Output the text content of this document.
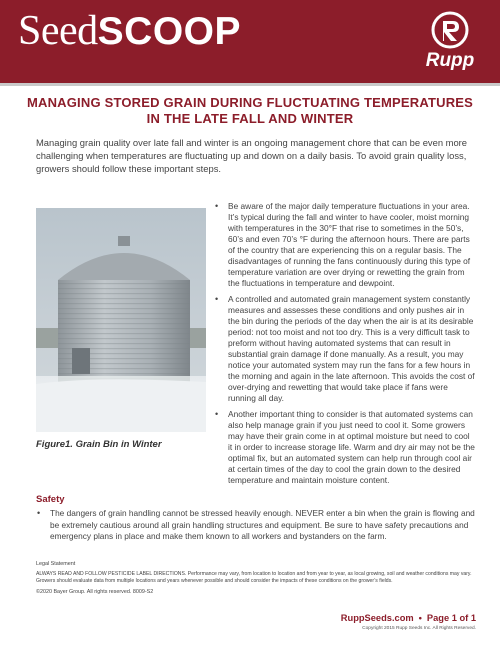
SeedSCOOP
Rupp
MANAGING STORED GRAIN DURING FLUCTUATING TEMPERATURES IN THE LATE FALL AND WINTER

Managing grain quality over late fall and winter is an ongoing management chore that can be even more challenging when temperatures are fluctuating up and down on a daily basis. To avoid grain quality loss, growers should follow these important steps.

Figure1. Grain Bin in Winter
• Be aware of the major daily temperature fluctuations in your area. It’s typical during the fall and winter to have cooler, moist morning with temperatures in the 30°F that rise to sometimes in the 50’s, 60’s and even 70’s °F during the afternoon hours. There are parts of the country that are experiencing this on a regular basis. The disadvantages of running the fans continuously during this type of temperature variation are over drying or rewetting the grain from the fluctuations in temperature and dewpoint.
• A controlled and automated grain management system constantly measures and assesses these conditions and only pushes air in the bin during the periods of the day when the air is at its desirable period: not too moist and not too dry. This is a very difficult task to preform without having automated systems that can result in substantial grain damage if done manually. As a result, you may notice your automated system may run the fans for a few hours in the morning and again in the late afternoon. This avoids the cost of over-drying and rewetting that would take place if fans were running all day.
• Another important thing to consider is that automated systems can also help manage grain if you just need to cool it. Some growers may have their grain come in at optimal moisture but need to cool it in order to increase storage life. Warm and dry air may not be the optimal fix, but an automated system can help run through cool air at certain times of the day to cool the grain down to the desired temperature and maintain moisture content.
Safety
• The dangers of grain handling cannot be stressed heavily enough. NEVER enter a bin when the grain is flowing and be extremely cautious around all grain handling structures and equipment. Be sure to have safety precautions and emergency plans in place and make them known to all workers and bystanders on the farm.
Legal Statement
ALWAYS READ AND FOLLOW PESTICIDE LABEL DIRECTIONS. Performance may vary, from location to location and from year to year, as local growing, soil and weather conditions may vary. Growers should evaluate data from multiple locations and years whenever possible and should consider the impacts of these conditions on the grower’s fields.
©2020 Bayer Group. All rights reserved. 8009-S2
RuppSeeds.com • Page 1 of 1
Copyright 2015 Rupp Seeds Inc. All Rights Reserved.
